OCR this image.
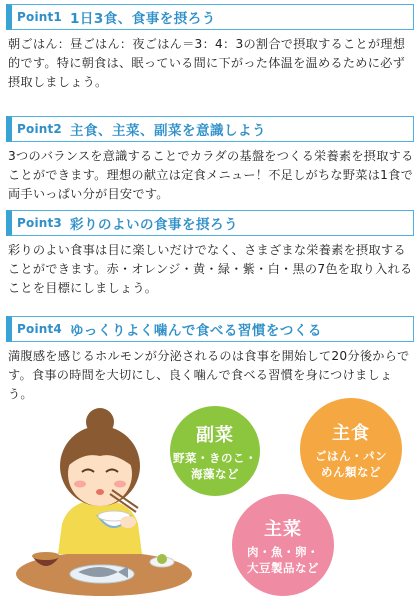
Point1 1日3食、食事を摂ろう
朝ごはん：昼ごはん：夜ごはん＝3：4：3の割合で摂取することが理想的です。特に朝食は、眠っている間に下がった体温を温めるために必ず摂取しましょう。
Point2 主食、主菜、副菜を意識しよう
3つのバランスを意識することでカラダの基盤をつくる栄養素を摂取することができます。理想の献立は定食メニュー！不足しがちな野菜は1食で両手いっぱい分が目安です。
Point3 彩りのよいの食事を摂ろう
彩りのよい食事は目に楽しいだけでなく、さまざまな栄養素を摂取することができます。赤・オレンジ・黄・緑・紫・白・黒の7色を取り入れることを目標にしましょう。
Point4 ゆっくりよく噛んで食べる習慣をつくる
満腹感を感じるホルモンが分泌されるのは食事を開始して20分後からです。食事の時間を大切にし、良く噛んで食べる習慣を身につけましょう。
副菜
野菜・きのこ・
海藻など
主食
ごはん・パン
めん類など
主菜
肉・魚・卵・
大豆製品など
